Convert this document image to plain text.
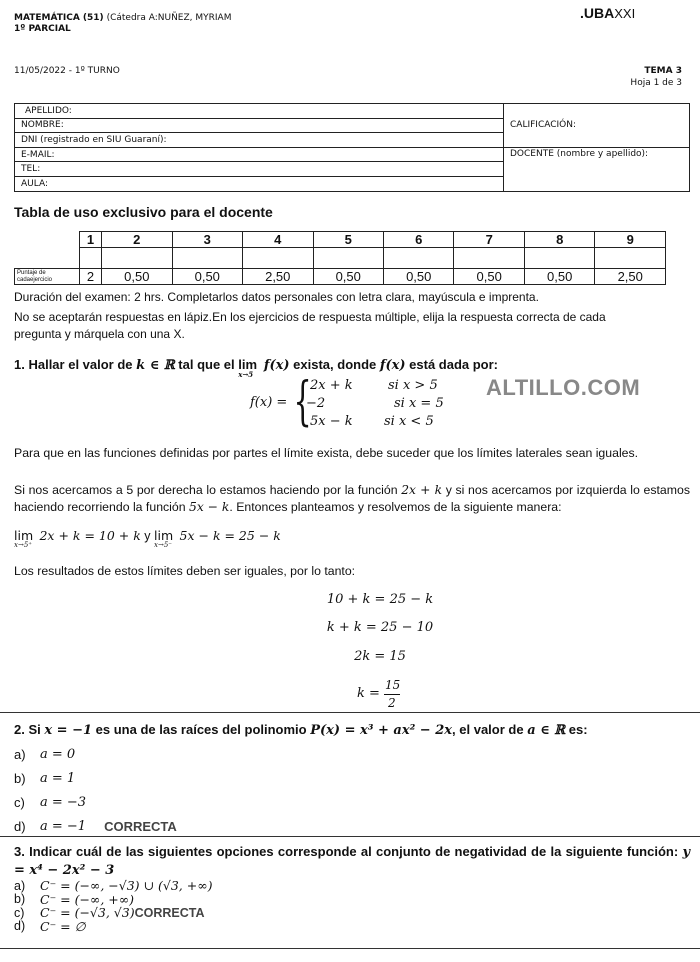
MATEMÁTICA (51) (Cátedra A:NUÑEZ, MYRIAM
1º PARCIAL
.UBAXXI
11/05/2022 - 1º TURNO	TEMA 3
Hoja 1 de 3
APELLIDO:	CALIFICACIÓN:
NOMBRE:	
DNI (registrado en SIU Guaraní):	
E-MAIL:	DOCENTE (nombre y apellido):
TEL:	
AULA:	
Tabla de uso exclusivo para el docente
	1	2	3	4	5	6	7	8	9

Puntaje de cadaejercicio	2	0,50	0,50	2,50	0,50	0,50	0,50	0,50	2,50
Duración del examen: 2 hrs. Completarlos datos personales con letra clara, mayúscula e imprenta.
No se aceptarán respuestas en lápiz.En los ejercicios de respuesta múltiple, elija la respuesta correcta de cada pregunta y márquela con una X.
1. Hallar el valor de k ∈ ℝ tal que el lim
x→5
f(x) exista, donde f(x) está dada por:
f(x) = {
2x + k	si x > 5
−2	si x = 5
5x − k si x < 5
ALTILLO.COM
Para que en las funciones definidas por partes el límite exista, debe suceder que los límites laterales sean iguales.
Si nos acercamos a 5 por derecha lo estamos haciendo por la función 2x + k y si nos acercamos por izquierda lo estamos haciendo recorriendo la función 5x − k. Entonces planteamos y resolvemos de la siguiente manera:
lim
x→5⁺
2x + k = 10 + k y lim
x→5⁻
5x − k = 25 − k
Los resultados de estos límites deben ser iguales, por lo tanto:
10 + k = 25 − k
k + k = 25 − 10
2k = 15
k =
15
2
2. Si x = −1 es una de las raíces del polinomio P(x) = x³ + ax² − 2x, el valor de a ∈ ℝ es:
a)	a = 0
b)	a = 1
c)	a = −3
d)	a = −1 CORRECTA
3. Indicar cuál de las siguientes opciones corresponde al conjunto de negatividad de la siguiente función: y = x⁴ − 2x² − 3
a)	C⁻ = (−∞, −√3) ∪ (√3, +∞)
b)	C⁻ = (−∞, +∞)
c)	C⁻ = (−√3, √3) CORRECTA
d)	C⁻ = ∅
